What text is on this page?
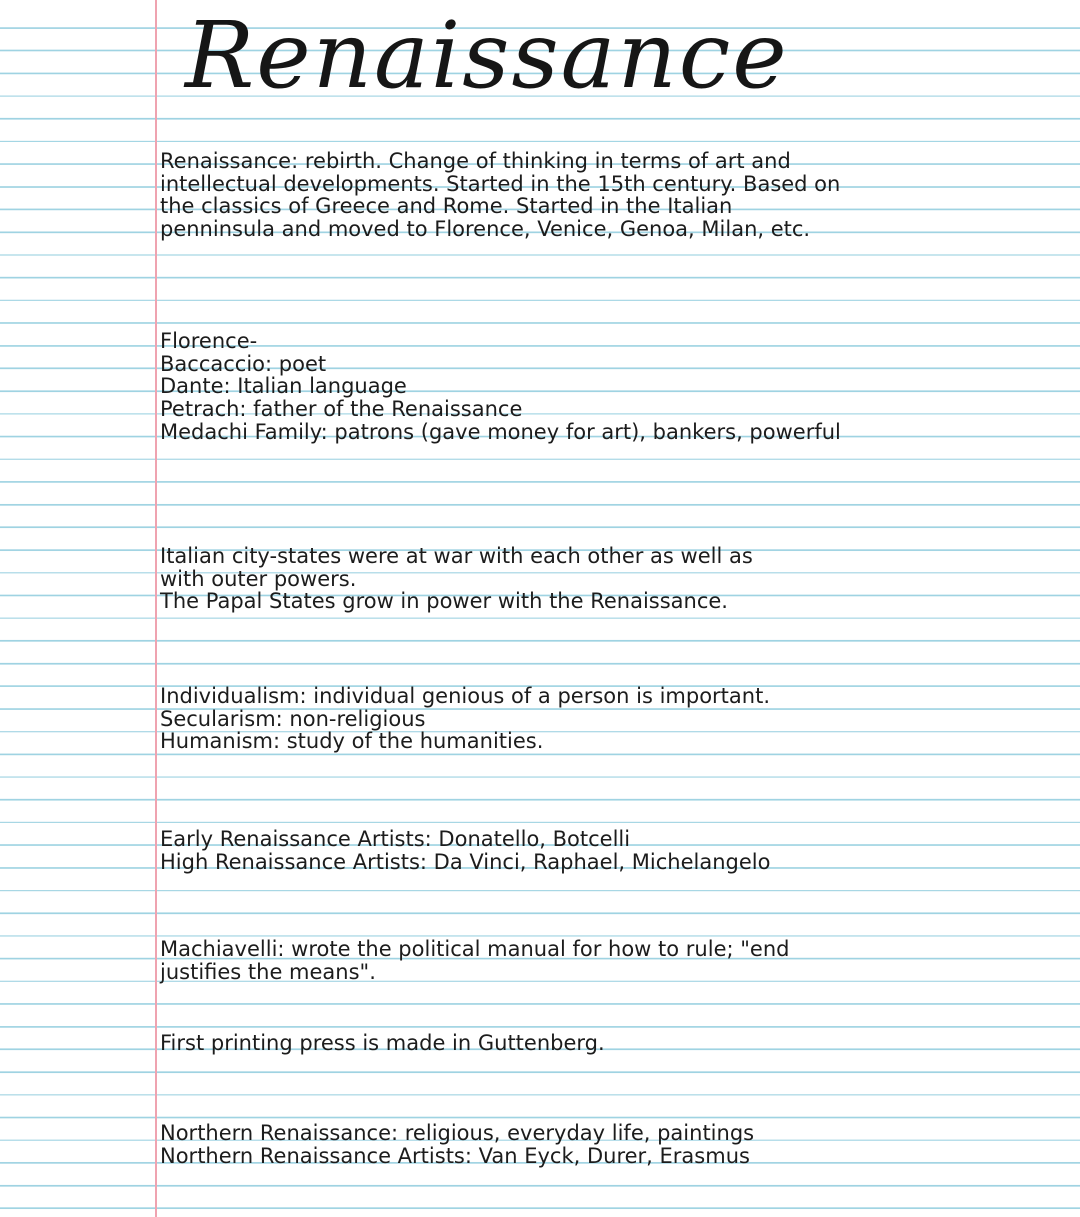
Renaissance
Renaissance: rebirth. Change of thinking in terms of art and
intellectual developments. Started in the 15th century. Based on
the classics of Greece and Rome. Started in the Italian
penninsula and moved to Florence, Venice, Genoa, Milan, etc.
Florence-
Baccaccio: poet
Dante: Italian language
Petrach: father of the Renaissance
Medachi Family: patrons (gave money for art), bankers, powerful
Italian city-states were at war with each other as well as
with outer powers.
The Papal States grow in power with the Renaissance.
Individualism: individual genious of a person is important.
Secularism: non-religious
Humanism: study of the humanities.
Early Renaissance Artists: Donatello, Botcelli
High Renaissance Artists: Da Vinci, Raphael, Michelangelo
Machiavelli: wrote the political manual for how to rule; "end
justifies the means".
First printing press is made in Guttenberg.
Northern Renaissance: religious, everyday life, paintings
Northern Renaissance Artists: Van Eyck, Durer, Erasmus
